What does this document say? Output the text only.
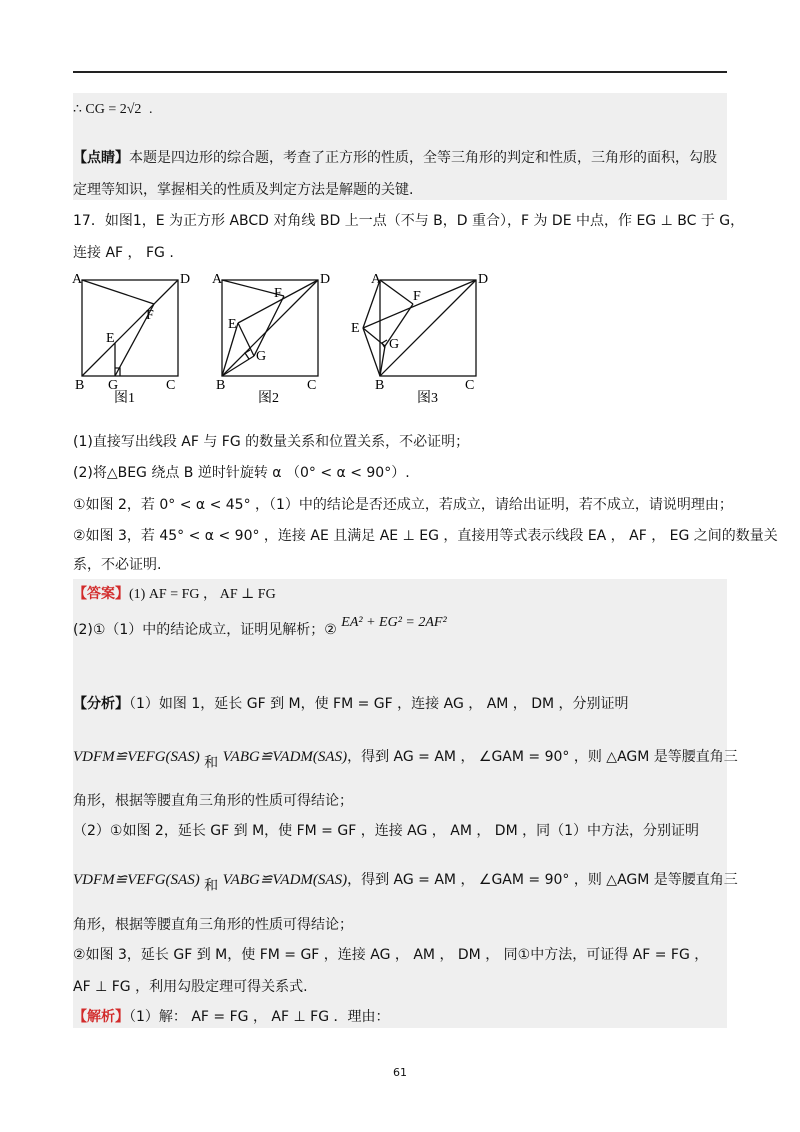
∴ CG = 2√2 .
【点睛】本题是四边形的综合题，考查了正方形的性质，全等三角形的判定和性质，三角形的面积，勾股
定理等知识，掌握相关的性质及判定方法是解题的关键.
17．如图1，E 为正方形 ABCD 对角线 BD 上一点（不与 B，D 重合），F 为 DE 中点，作 EG ⊥ BC 于 G，
连接 AF ， FG .
A	D
B G	C
E
F
图1
A	D
B	C
E
F
G
图2
A	D
B	C
E
F
G
图3
(1)直接写出线段 AF 与 FG 的数量关系和位置关系，不必证明；
(2)将△BEG 绕点 B 逆时针旋转 α （0° < α < 90°）.
①如图 2，若 0° < α < 45° ，（1）中的结论是否还成立，若成立，请给出证明，若不成立，请说明理由；
②如图 3，若 45° < α < 90° ，连接 AE 且满足 AE ⊥ EG ，直接用等式表示线段 EA ， AF ， EG 之间的数量关
系，不必证明.
【答案】(1) AF = FG ， AF ⊥ FG
(2)①（1）中的结论成立，证明见解析；② EA² + EG² = 2AF²
【分析】（1）如图 1，延长 GF 到 M，使 FM = GF ，连接 AG ， AM ， DM ，分别证明
VDFM≌VEFG(SAS) 和 VABG≌VADM(SAS)，得到 AG = AM ， ∠GAM = 90° ，则 △AGM 是等腰直角三
角形，根据等腰直角三角形的性质可得结论；
（2）①如图 2，延长 GF 到 M，使 FM = GF ，连接 AG ， AM ， DM ，同（1）中方法，分别证明
VDFM≌VEFG(SAS) 和 VABG≌VADM(SAS)，得到 AG = AM ， ∠GAM = 90° ，则 △AGM 是等腰直角三
角形，根据等腰直角三角形的性质可得结论；
②如图 3，延长 GF 到 M，使 FM = GF ，连接 AG ， AM ， DM ， 同①中方法，可证得 AF = FG ，
AF ⊥ FG ，利用勾股定理可得关系式.
【解析】（1）解： AF = FG ， AF ⊥ FG ．理由：
61
